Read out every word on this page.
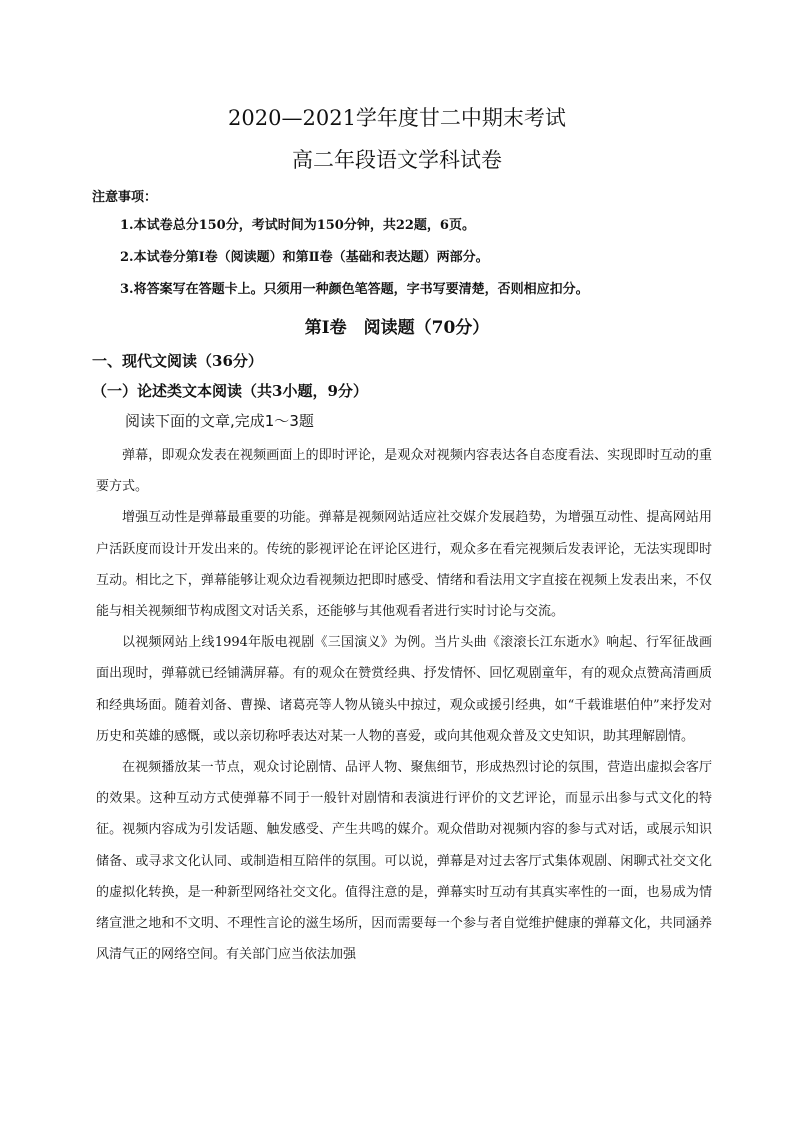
2020—2021学年度甘二中期末考试
高二年段语文学科试卷
注意事项：
1.本试卷总分150分，考试时间为150分钟，共22题，6页。
2.本试卷分第Ⅰ卷（阅读题）和第Ⅱ卷（基础和表达题）两部分。
3.将答案写在答题卡上。只须用一种颜色笔答题，字书写要清楚，否则相应扣分。
第Ⅰ卷　阅读题（70分）
一、现代文阅读（36分）
（一）论述类文本阅读（共3小题，9分）
阅读下面的文章,完成1～3题

弹幕，即观众发表在视频画面上的即时评论，是观众对视频内容表达各自态度看法、实现即时互动的重要方式。

增强互动性是弹幕最重要的功能。弹幕是视频网站适应社交媒介发展趋势，为增强互动性、提高网站用户活跃度而设计开发出来的。传统的影视评论在评论区进行，观众多在看完视频后发表评论，无法实现即时互动。相比之下，弹幕能够让观众边看视频边把即时感受、情绪和看法用文字直接在视频上发表出来，不仅能与相关视频细节构成图文对话关系，还能够与其他观看者进行实时讨论与交流。

以视频网站上线1994年版电视剧《三国演义》为例。当片头曲《滚滚长江东逝水》响起、行军征战画面出现时，弹幕就已经铺满屏幕。有的观众在赞赏经典、抒发情怀、回忆观剧童年，有的观众点赞高清画质和经典场面。随着刘备、曹操、诸葛亮等人物从镜头中掠过，观众或援引经典，如“千载谁堪伯仲”来抒发对历史和英雄的感慨，或以亲切称呼表达对某一人物的喜爱，或向其他观众普及文史知识，助其理解剧情。

在视频播放某一节点，观众讨论剧情、品评人物、聚焦细节，形成热烈讨论的氛围，营造出虚拟会客厅的效果。这种互动方式使弹幕不同于一般针对剧情和表演进行评价的文艺评论，而显示出参与式文化的特征。视频内容成为引发话题、触发感受、产生共鸣的媒介。观众借助对视频内容的参与式对话，或展示知识储备、或寻求文化认同、或制造相互陪伴的氛围。可以说，弹幕是对过去客厅式集体观剧、闲聊式社交文化的虚拟化转换，是一种新型网络社交文化。值得注意的是，弹幕实时互动有其真实率性的一面，也易成为情绪宣泄之地和不文明、不理性言论的滋生场所，因而需要每一个参与者自觉维护健康的弹幕文化，共同涵养风清气正的网络空间。有关部门应当依法加强
